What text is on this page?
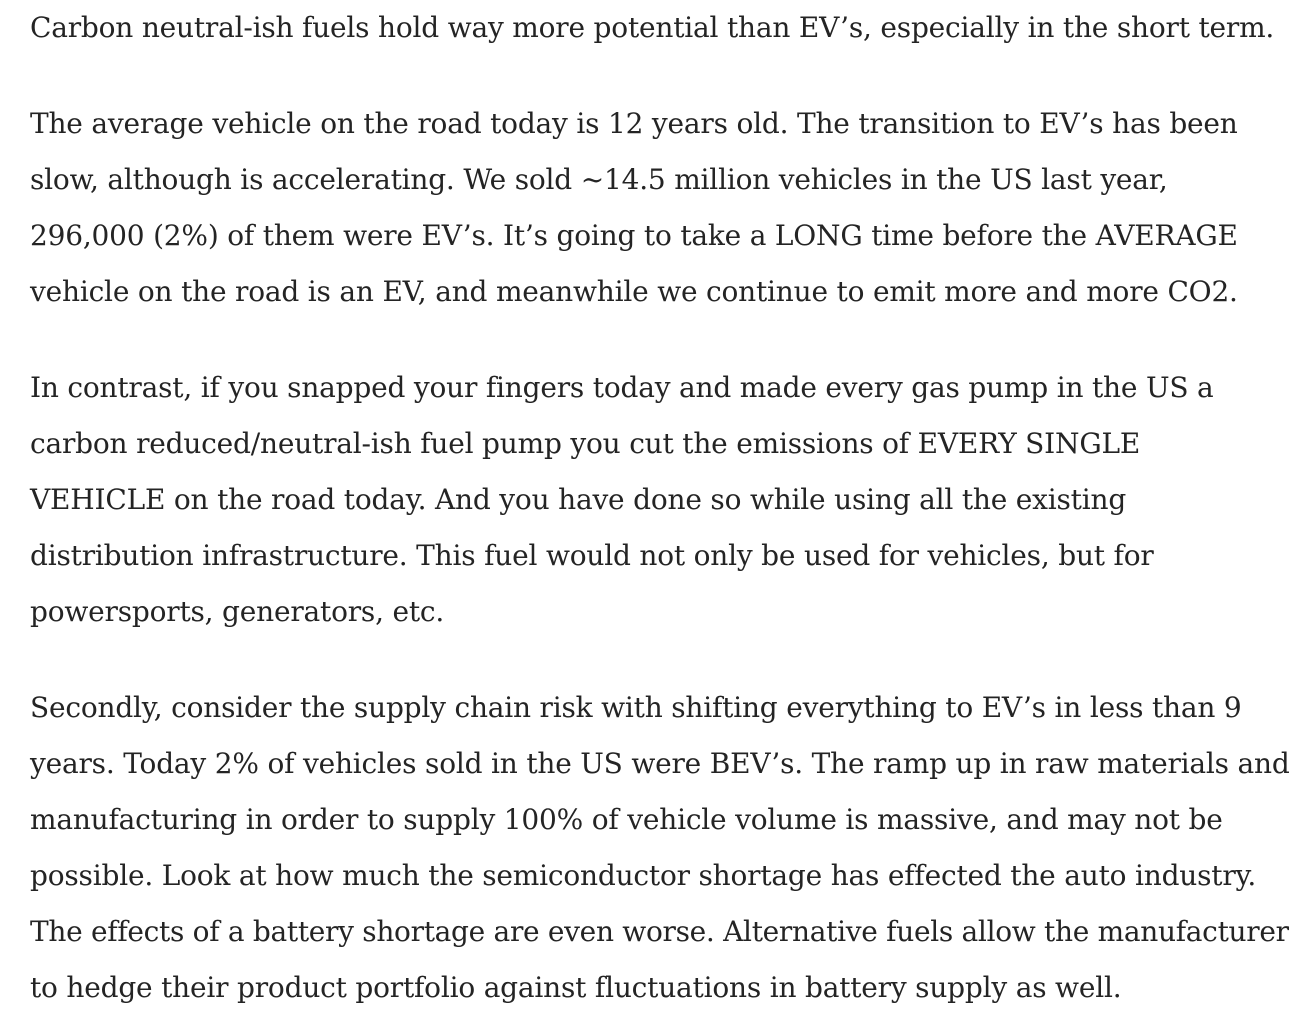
Carbon neutral-ish fuels hold way more potential than EV’s, especially in the short term.

The average vehicle on the road today is 12 years old. The transition to EV’s has been
slow, although is accelerating. We sold ~14.5 million vehicles in the US last year,
296,000 (2%) of them were EV’s. It’s going to take a LONG time before the AVERAGE
vehicle on the road is an EV, and meanwhile we continue to emit more and more CO2.

In contrast, if you snapped your fingers today and made every gas pump in the US a
carbon reduced/neutral-ish fuel pump you cut the emissions of EVERY SINGLE
VEHICLE on the road today. And you have done so while using all the existing
distribution infrastructure. This fuel would not only be used for vehicles, but for
powersports, generators, etc.

Secondly, consider the supply chain risk with shifting everything to EV’s in less than 9
years. Today 2% of vehicles sold in the US were BEV’s. The ramp up in raw materials and
manufacturing in order to supply 100% of vehicle volume is massive, and may not be
possible. Look at how much the semiconductor shortage has effected the auto industry.
The effects of a battery shortage are even worse. Alternative fuels allow the manufacturer
to hedge their product portfolio against fluctuations in battery supply as well.
